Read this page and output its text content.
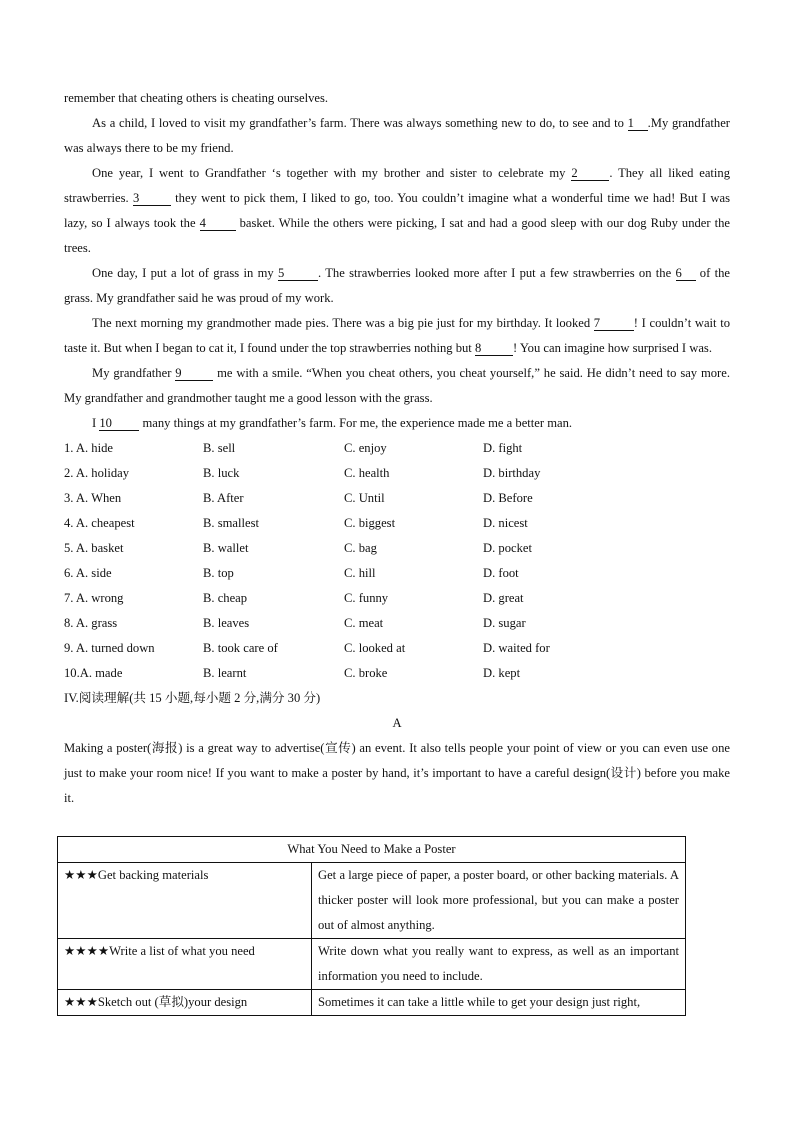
remember that cheating others is cheating ourselves.
As a child, I loved to visit my grandfather’s farm. There was always something new to do, to see and to 1 .My grandfather was always there to be my friend.
One year, I went to Grandfather ‘s together with my brother and sister to celebrate my 2	. They all liked eating strawberries. 3	they went to pick them, I liked to go, too. You couldn’t imagine what a wonderful time we had! But I was lazy, so I always took the 4 basket. While the others were picking, I sat and had a good sleep with our dog Ruby under the trees.
One day, I put a lot of grass in my 5	. The strawberries looked more after I put a few strawberries on the 6 of the grass. My grandfather said he was proud of my work.
The next morning my grandmother made pies. There was a big pie just for my birthday. It looked 7	! I couldn’t wait to taste it. But when I began to cat it, I found under the top strawberries nothing but 8	! You can imagine how surprised I was.
My grandfather 9	me with a smile. “When you cheat others, you cheat yourself,” he said. He didn’t need to say more. My grandfather and grandmother taught me a good lesson with the grass.
I 10 many things at my grandfather’s farm. For me, the experience made me a better man.
1. A. hide	B. sell	C. enjoy	D. fight
2. A. holiday	B. luck	C. health	D. birthday
3. A. When	B. After	C. Until	D. Before
4. A. cheapest	B. smallest	C. biggest	D. nicest
5. A. basket	B. wallet	C. bag	D. pocket
6. A. side	B. top	C. hill	D. foot
7. A. wrong	B. cheap	C. funny	D. great
8. A. grass	B. leaves	C. meat	D. sugar
9. A. turned down	B. took care of	C. looked at	D. waited for
10.A. made	B. learnt	C. broke	D. kept
IV.阅读理解(共 15 小题,每小题 2 分,满分 30 分)
A
Making a poster(海报) is a great way to advertise(宣传) an event. It also tells people your point of view or you can even use one just to make your room nice! If you want to make a poster by hand, it’s important to have a careful design(设计) before you make it.
What You Need to Make a Poster	
★★★Get backing materials	Get a large piece of paper, a poster board, or other backing materials. A thicker poster will look more professional, but you can make a poster out of almost anything.
★★★★Write a list of what you need	Write down what you really want to express, as well as an important information you need to include.
★★★Sketch out (草拟)your design	Sometimes it can take a little while to get your design just right,
